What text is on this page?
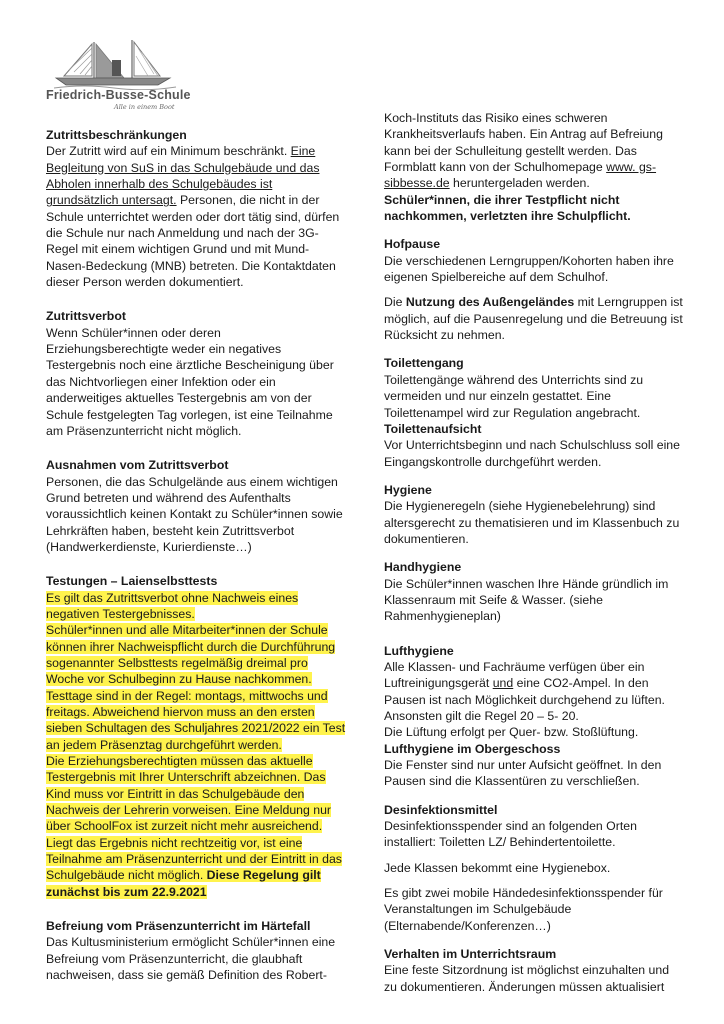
Friedrich-Busse-Schule
Alle in einem Boot
Zutrittsbeschränkungen

Der Zutritt wird auf ein Minimum beschränkt. Eine Begleitung von SuS in das Schulgebäude und das Abholen innerhalb des Schulgebäudes ist grundsätzlich untersagt. Personen, die nicht in der Schule unterrichtet werden oder dort tätig sind, dürfen die Schule nur nach Anmeldung und nach der 3G-Regel mit einem wichtigen Grund und mit Mund-Nasen-Bedeckung (MNB) betreten. Die Kontaktdaten dieser Person werden dokumentiert.

Zutrittsverbot

Wenn Schüler*innen oder deren Erziehungsberechtigte weder ein negatives Testergebnis noch eine ärztliche Bescheinigung über das Nichtvorliegen einer Infektion oder ein anderweitiges aktuelles Testergebnis am von der Schule festgelegten Tag vorlegen, ist eine Teilnahme am Präsenzunterricht nicht möglich.

Ausnahmen vom Zutrittsverbot

Personen, die das Schulgelände aus einem wichtigen Grund betreten und während des Aufenthalts voraussichtlich keinen Kontakt zu Schüler*innen sowie Lehrkräften haben, besteht kein Zutrittsverbot (Handwerkerdienste, Kurierdienste…)

Testungen – Laienselbsttests

Es gilt das Zutrittsverbot ohne Nachweis eines negativen Testergebnisses.

Schüler*innen und alle Mitarbeiter*innen der Schule können ihrer Nachweispflicht durch die Durchführung sogenannter Selbsttests regelmäßig dreimal pro Woche vor Schulbeginn zu Hause nachkommen.

Testtage sind in der Regel: montags, mittwochs und freitags. Abweichend hiervon muss an den ersten sieben Schultagen des Schuljahres 2021/2022 ein Test an jedem Präsenztag durchgeführt werden.

Die Erziehungsberechtigten müssen das aktuelle Testergebnis mit Ihrer Unterschrift abzeichnen. Das Kind muss vor Eintritt in das Schulgebäude den Nachweis der Lehrerin vorweisen. Eine Meldung nur über SchoolFox ist zurzeit nicht mehr ausreichend.

Liegt das Ergebnis nicht rechtzeitig vor, ist eine Teilnahme am Präsenzunterricht und der Eintritt in das Schulgebäude nicht möglich. Diese Regelung gilt zunächst bis zum 22.9.2021

Befreiung vom Präsenzunterricht im Härtefall

Das Kultusministerium ermöglicht Schüler*innen eine Befreiung vom Präsenzunterricht, die glaubhaft nachweisen, dass sie gemäß Definition des Robert-

Koch-Instituts das Risiko eines schweren Krankheitsverlaufs haben. Ein Antrag auf Befreiung kann bei der Schulleitung gestellt werden. Das Formblatt kann von der Schulhomepage www. gs-sibbesse.de heruntergeladen werden.

Schüler*innen, die ihrer Testpflicht nicht nachkommen, verletzten ihre Schulpflicht.

Hofpause

Die verschiedenen Lerngruppen/Kohorten haben ihre eigenen Spielbereiche auf dem Schulhof.

Die Nutzung des Außengeländes mit Lerngruppen ist möglich, auf die Pausenregelung und die Betreuung ist Rücksicht zu nehmen.

Toilettengang

Toilettengänge während des Unterrichts sind zu vermeiden und nur einzeln gestattet. Eine Toilettenampel wird zur Regulation angebracht.

Toilettenaufsicht

Vor Unterrichtsbeginn und nach Schulschluss soll eine Eingangskontrolle durchgeführt werden.

Hygiene

Die Hygieneregeln (siehe Hygienebelehrung) sind altersgerecht zu thematisieren und im Klassenbuch zu dokumentieren.

Handhygiene

Die Schüler*innen waschen Ihre Hände gründlich im Klassenraum mit Seife & Wasser. (siehe Rahmenhygieneplan)

Lufthygiene

Alle Klassen- und Fachräume verfügen über ein Luftreinigungsgerät und eine CO2-Ampel. In den Pausen ist nach Möglichkeit durchgehend zu lüften. Ansonsten gilt die Regel 20 – 5- 20.

Die Lüftung erfolgt per Quer- bzw. Stoßlüftung.

Lufthygiene im Obergeschoss

Die Fenster sind nur unter Aufsicht geöffnet. In den Pausen sind die Klassentüren zu verschließen.

Desinfektionsmittel

Desinfektionsspender sind an folgenden Orten installiert: Toiletten LZ/ Behindertentoilette.

Jede Klassen bekommt eine Hygienebox.

Es gibt zwei mobile Händedesinfektionsspender für Veranstaltungen im Schulgebäude (Elternabende/Konferenzen…)

Verhalten im Unterrichtsraum

Eine feste Sitzordnung ist möglichst einzuhalten und zu dokumentieren. Änderungen müssen aktualisiert
